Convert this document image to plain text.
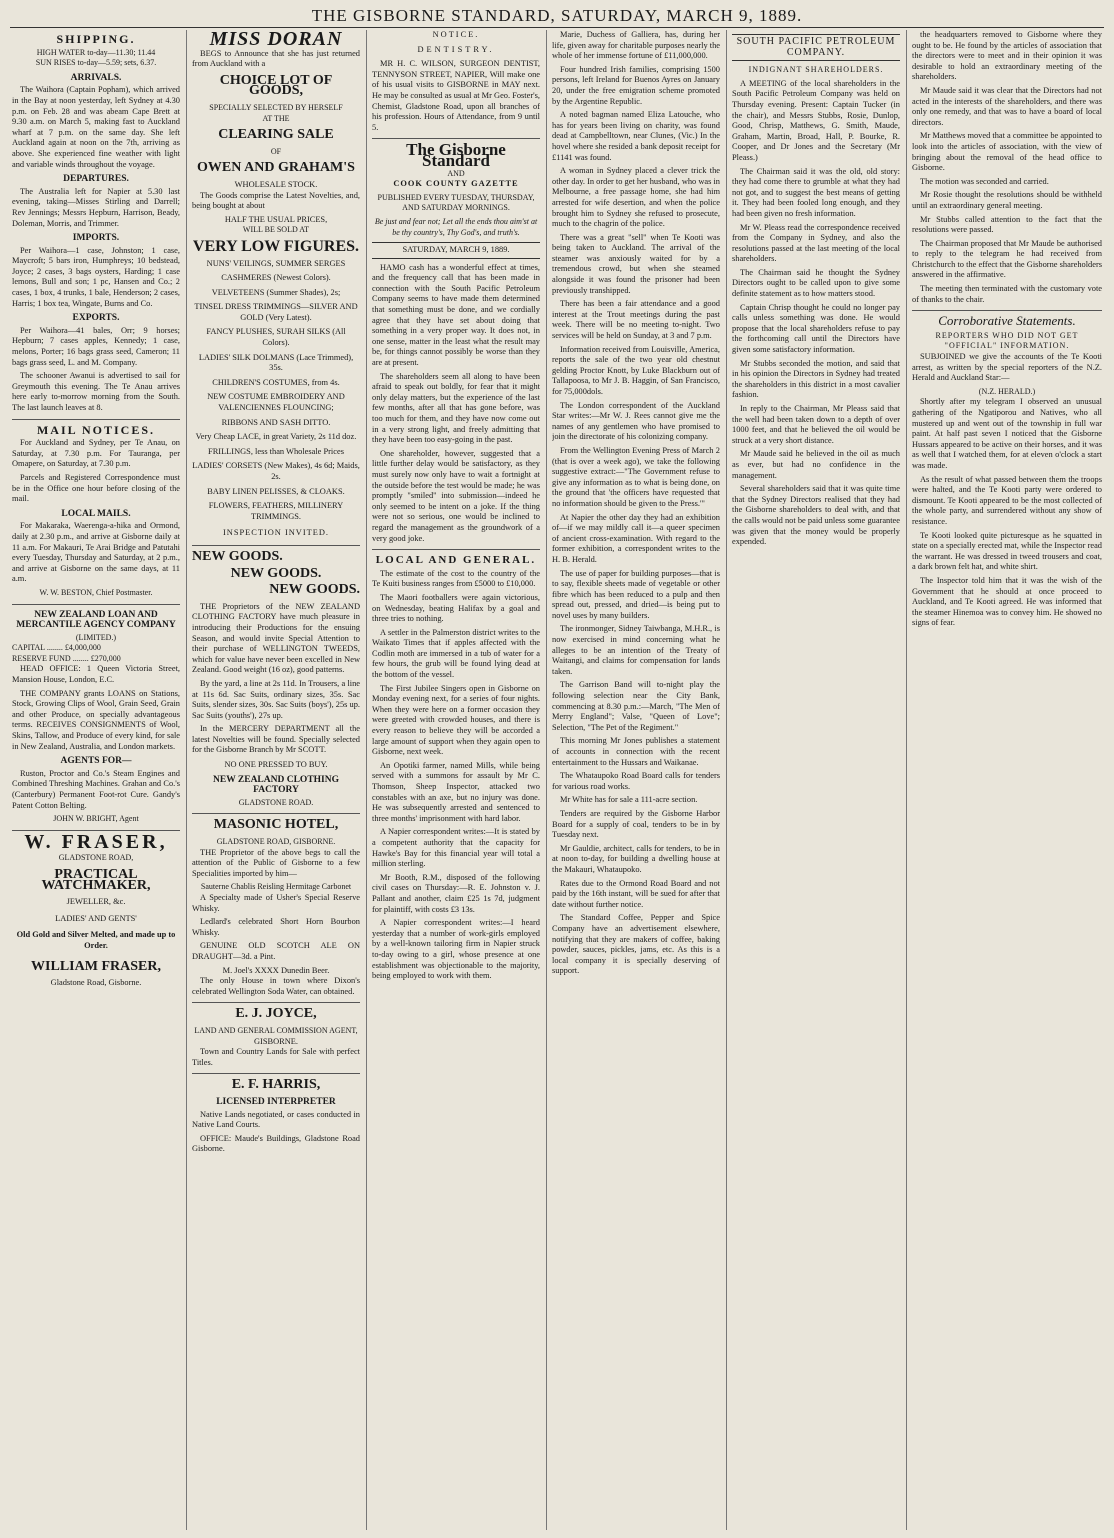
THE GISBORNE STANDARD, SATURDAY, MARCH 9, 1889.
SHIPPING.
HIGH WATER to-day—11.30; 11.44
SUN RISES to-day—5.59; sets, 6.37.
ARRIVALS.

The Waihora (Captain Popham), which arrived in the Bay at noon yesterday, left Sydney at 4.30 p.m. on Feb. 28 and was abeam Cape Brett at 9.30 a.m. on March 5, making fast to Auckland wharf at 7 p.m. on the same day. She left Auckland again at noon on the 7th, arriving as above. She experienced fine weather with light and variable winds throughout the voyage.

DEPARTURES.

The Australia left for Napier at 5.30 last evening, taking—Misses Stirling and Darrell; Rev Jennings; Messrs Hepburn, Harrison, Beady, Doleman, Morris, and Trimmer.

IMPORTS.

Per Waihora—1 case, Johnston; 1 case, Maycroft; 5 bars iron, Humphreys; 10 bedstead, Joyce; 2 cases, 3 bags oysters, Harding; 1 case lemons, Bull and son; 1 pc, Hansen and Co.; 2 cases, 1 box, 4 trunks, 1 bale, Henderson; 2 cases, Harris; 1 box tea, Wingate, Burns and Co.

EXPORTS.

Per Waihora—41 bales, Orr; 9 horses; Hepburn; 7 cases apples, Kennedy; 1 case, melons, Porter; 16 bags grass seed, Cameron; 11 bags grass seed, L. and M. Company.

The schooner Awanui is advertised to sail for Greymouth this evening. The Te Anau arrives here early to-morrow morning from the South. The last launch leaves at 8.

MAIL NOTICES.

For Auckland and Sydney, per Te Anau, on Saturday, at 7.30 p.m. For Tauranga, per Omapere, on Saturday, at 7.30 p.m.

Parcels and Registered Correspondence must be in the Office one hour before closing of the mail.

LOCAL MAILS.

For Makaraka, Waerenga-a-hika and Ormond, daily at 2.30 p.m., and arrive at Gisborne daily at 11 a.m. For Makauri, Te Arai Bridge and Patutahi every Tuesday, Thursday and Saturday, at 2 p.m., and arrive at Gisborne on the same days, at 11 a.m.

W. W. BESTON, Chief Postmaster.
NEW ZEALAND LOAN AND MERCANTILE AGENCY COMPANY
(LIMITED.)
CAPITAL ........ £4,000,000
RESERVE FUND ........ £270,000

HEAD OFFICE: 1 Queen Victoria Street, Mansion House, London, E.C.

THE COMPANY grants LOANS on Stations, Stock, Growing Clips of Wool, Grain Seed, Grain and other Produce, on specially advantageous terms. RECEIVES CONSIGNMENTS of Wool, Skins, Tallow, and Produce of every kind, for sale in New Zealand, Australia, and London markets.

AGENTS FOR—

Ruston, Proctor and Co.'s Steam Engines and Combined Threshing Machines. Grahan and Co.'s (Canterbury) Permanent Foot-rot Cure. Gandy's Patent Cotton Belting.

JOHN W. BRIGHT, Agent
W. FRASER,
GLADSTONE ROAD,
PRACTICAL WATCHMAKER,
JEWELLER, &c.
LADIES' AND GENTS'
Old Gold and Silver Melted, and made up to Order.
WILLIAM FRASER,
Gladstone Road, Gisborne.
MISS DORAN

BEGS to Announce that she has just returned from Auckland with a

CHOICE LOT OF GOODS,
SPECIALLY SELECTED BY HERSELF
AT THE
CLEARING SALE
OF
OWEN AND GRAHAM'S
WHOLESALE STOCK.

The Goods comprise the Latest Novelties, and, being bought at about

HALF THE USUAL PRICES,
WILL BE SOLD AT
VERY LOW FIGURES.
NUNS' VEILINGS, SUMMER SERGES
CASHMERES (Newest Colors).
VELVETEENS (Summer Shades), 2s;
TINSEL DRESS TRIMMINGS—SILVER AND GOLD (Very Latest).
FANCY PLUSHES, SURAH SILKS (All Colors).
LADIES' SILK DOLMANS (Lace Trimmed), 35s.
CHILDREN'S COSTUMES, from 4s.
NEW COSTUME EMBROIDERY AND VALENCIENNES FLOUNCING;
RIBBONS AND SASH DITTO.
Very Cheap LACE, in great Variety, 2s 11d doz.
FRILLINGS, less than Wholesale Prices
LADIES' CORSETS (New Makes), 4s 6d; Maids, 2s.
BABY LINEN PELISSES, & CLOAKS.
FLOWERS, FEATHERS, MILLINERY TRIMMINGS.
INSPECTION INVITED.
NEW GOODS.
NEW GOODS.
NEW GOODS.

THE Proprietors of the NEW ZEALAND CLOTHING FACTORY have much pleasure in introducing their Productions for the ensuing Season, and would invite Special Attention to their purchase of WELLINGTON TWEEDS, which for value have never been excelled in New Zealand. Good weight (16 oz), good patterns.

By the yard, a line at 2s 11d. In Trousers, a line at 11s 6d. Sac Suits, ordinary sizes, 35s. Sac Suits, slender sizes, 30s. Sac Suits (boys'), 25s up. Sac Suits (youths'), 27s up.

In the MERCERY DEPARTMENT all the latest Novelties will be found. Specially selected for the Gisborne Branch by Mr SCOTT.

NO ONE PRESSED TO BUY.
NEW ZEALAND CLOTHING FACTORY
GLADSTONE ROAD.
MASONIC HOTEL,
GLADSTONE ROAD, GISBORNE.

THE Proprietor of the above begs to call the attention of the Public of Gisborne to a few Specialities imported by him—

Sauterne Chablis Reisling Hermitage Carbonet

A Specialty made of Usher's Special Reserve Whisky.

Ledlard's celebrated Short Horn Bourbon Whisky.

GENUINE OLD SCOTCH ALE ON DRAUGHT—3d. a Pint.

M. Joel's XXXX Dunedin Beer.

The only House in town where Dixon's celebrated Wellington Soda Water, can obtained.

E. J. JOYCE,
LAND AND GENERAL COMMISSION AGENT,
GISBORNE.

Town and Country Lands for Sale with perfect Titles.

E. F. HARRIS,
LICENSED INTERPRETER

Native Lands negotiated, or cases conducted in Native Land Courts.

OFFICE: Maude's Buildings, Gladstone Road Gisborne.

NOTICE.
DENTISTRY.

MR H. C. WILSON, SURGEON DENTIST, TENNYSON STREET, NAPIER, Will make one of his usual visits to GISBORNE in MAY next. He may be consulted as usual at Mr Geo. Foster's, Chemist, Gladstone Road, upon all branches of his profession. Hours of Attendance, from 9 until 5.

The Gisborne Standard
AND
COOK COUNTY GAZETTE
PUBLISHED EVERY TUESDAY, THURSDAY, AND SATURDAY MORNINGS.
Be just and fear not; Let all the ends thou aim'st at be thy country's, Thy God's, and truth's.
SATURDAY, MARCH 9, 1889.

HAMO cash has a wonderful effect at times, and the frequency call that has been made in connection with the South Pacific Petroleum Company seems to have made them determined that something must be done, and we cordially agree that they have set about doing that something in a very proper way. It does not, in one sense, matter in the least what the result may be, for things cannot possibly be worse than they are at present.

The shareholders seem all along to have been afraid to speak out boldly, for fear that it might only delay matters, but the experience of the last few months, after all that has gone before, was too much for them, and they have now come out in a very strong light, and freely admitting that they have been too easy-going in the past.

One shareholder, however, suggested that a little further delay would be satisfactory, as they must surely now only have to wait a fortnight at the outside before the test would be made; he was promptly "smiled" into submission—indeed he only seemed to be intent on a joke. If the thing were not so serious, one would be inclined to regard the management as the groundwork of a very good joke.

LOCAL AND GENERAL.

The estimate of the cost to the country of the Te Kuiti business ranges from £5000 to £10,000.

The Maori footballers were again victorious, on Wednesday, beating Halifax by a goal and three tries to nothing.

A settler in the Palmerston district writes to the Waikato Times that if apples affected with the Codlin moth are immersed in a tub of water for a few hours, the grub will be found lying dead at the bottom of the vessel.

The First Jubilee Singers open in Gisborne on Monday evening next, for a series of four nights. When they were here on a former occasion they were greeted with crowded houses, and there is every reason to believe they will be accorded a large amount of support when they again open to Gisborne, next week.

An Opotiki farmer, named Mills, while being served with a summons for assault by Mr C. Thomson, Sheep Inspector, attacked two constables with an axe, but no injury was done. He was subsequently arrested and sentenced to three months' imprisonment with hard labor.

A Napier correspondent writes:—It is stated by a competent authority that the capacity for Hawke's Bay for this financial year will total a million sterling.

Mr Booth, R.M., disposed of the following civil cases on Thursday:—R. E. Johnston v. J. Pallant and another, claim £25 1s 7d, judgment for plaintiff, with costs £3 13s.

A Napier correspondent writes:—I heard yesterday that a number of work-girls employed by a well-known tailoring firm in Napier struck to-day owing to a girl, whose presence at one establishment was objectionable to the majority, being employed to work with them.

Marie, Duchess of Galliera, has, during her life, given away for charitable purposes nearly the whole of her immense fortune of £11,000,000.

Four hundred Irish families, comprising 1500 persons, left Ireland for Buenos Ayres on January 20, under the free emigration scheme promoted by the Argentine Republic.

A noted bagman named Eliza Latouche, who has for years been living on charity, was found dead at Campbelltown, near Clunes, (Vic.) In the hovel where she resided a bank deposit receipt for £1141 was found.

A woman in Sydney placed a clever trick the other day. In order to get her husband, who was in Melbourne, a free passage home, she had him arrested for wife desertion, and when the police brought him to Sydney she refused to prosecute, much to the chagrin of the police.

There was a great "sell" when Te Kooti was being taken to Auckland. The arrival of the steamer was anxiously waited for by a tremendous crowd, but when she steamed alongside it was found the prisoner had been previously transhipped.

There has been a fair attendance and a good interest at the Trout meetings during the past week. There will be no meeting to-night. Two services will be held on Sunday, at 3 and 7 p.m.

Information received from Louisville, America, reports the sale of the two year old chestnut gelding Proctor Knott, by Luke Blackburn out of Tallapoosa, to Mr J. B. Haggin, of San Francisco, for 75,000dols.

The London correspondent of the Auckland Star writes:—Mr W. J. Rees cannot give me the names of any gentlemen who have promised to join the directorate of his colonizing company.

From the Wellington Evening Press of March 2 (that is over a week ago), we take the following suggestive extract:—"The Government refuse to give any information as to what is being done, on the ground that 'the officers have requested that no information should be given to the Press.'"

At Napier the other day they had an exhibition of—if we may mildly call it—a queer specimen of ancient cross-examination. With regard to the former exhibition, a correspondent writes to the H. B. Herald.

The use of paper for building purposes—that is to say, flexible sheets made of vegetable or other fibre which has been reduced to a pulp and then spread out, pressed, and dried—is being put to novel uses by many builders.

The ironmonger, Sidney Taiwbanga, M.H.R., is now exercised in mind concerning what he alleges to be an intention of the Treaty of Waitangi, and claims for compensation for lands taken.

The Garrison Band will to-night play the following selection near the City Bank, commencing at 8.30 p.m.:—March, "The Men of Merry England"; Valse, "Queen of Love"; Selection, "The Pet of the Regiment."

This morning Mr Jones publishes a statement of accounts in connection with the recent entertainment to the Hussars and Waikanae.

The Whataupoko Road Board calls for tenders for various road works.

Mr White has for sale a 111-acre section.

Tenders are required by the Gisborne Harbor Board for a supply of coal, tenders to be in by Tuesday next.

Mr Gauldie, architect, calls for tenders, to be in at noon to-day, for building a dwelling house at the Makauri, Whataupoko.

Rates due to the Ormond Road Board and not paid by the 16th instant, will be sued for after that date without further notice.

The Standard Coffee, Pepper and Spice Company have an advertisement elsewhere, notifying that they are makers of coffee, baking powder, sauces, pickles, jams, etc. As this is a local company it is specially deserving of support.

SOUTH PACIFIC PETROLEUM COMPANY.
INDIGNANT SHAREHOLDERS.

A MEETING of the local shareholders in the South Pacific Petroleum Company was held on Thursday evening. Present: Captain Tucker (in the chair), and Messrs Stubbs, Rosie, Dunlop, Good, Chrisp, Matthews, G. Smith, Maude, Graham, Martin, Broad, Hall, P. Bourke, R. Cooper, and Dr Jones and the Secretary (Mr Pleass.)

The Chairman said it was the old, old story: they had come there to grumble at what they had not got, and to suggest the best means of getting it. They had been fooled long enough, and they had been given no fresh information.

Mr W. Pleass read the correspondence received from the Company in Sydney, and also the resolutions passed at the last meeting of the local shareholders.

The Chairman said he thought the Sydney Directors ought to be called upon to give some definite statement as to how matters stood.

Captain Chrisp thought he could no longer pay calls unless something was done. He would propose that the local shareholders refuse to pay the forthcoming call until the Directors have given some satisfactory information.

Mr Stubbs seconded the motion, and said that in his opinion the Directors in Sydney had treated the shareholders in this district in a most cavalier fashion.

In reply to the Chairman, Mr Pleass said that the well had been taken down to a depth of over 1000 feet, and that he believed the oil would be struck at a very short distance.

Mr Maude said he believed in the oil as much as ever, but had no confidence in the management.

Several shareholders said that it was quite time that the Sydney Directors realised that they had the Gisborne shareholders to deal with, and that the calls would not be paid unless some guarantee was given that the money would be properly expended.

the headquarters removed to Gisborne where they ought to be. He found by the articles of association that the directors were to meet and in their opinion it was desirable to hold an extraordinary meeting of the shareholders.

Mr Maude said it was clear that the Directors had not acted in the interests of the shareholders, and there was only one remedy, and that was to have a board of local directors.

Mr Matthews moved that a committee be appointed to look into the articles of association, with the view of bringing about the removal of the head office to Gisborne.

The motion was seconded and carried.

Mr Rosie thought the resolutions should be withheld until an extraordinary general meeting.

Mr Stubbs called attention to the fact that the resolutions were passed.

The Chairman proposed that Mr Maude be authorised to reply to the telegram he had received from Christchurch to the effect that the Gisborne shareholders answered in the affirmative.

The meeting then terminated with the customary vote of thanks to the chair.

Corroborative Statements.
REPORTERS WHO DID NOT GET "OFFICIAL" INFORMATION.

SUBJOINED we give the accounts of the Te Kooti arrest, as written by the special reporters of the N.Z. Herald and Auckland Star:—

(N.Z. HERALD.)

Shortly after my telegram I observed an unusual gathering of the Ngatiporou and Natives, who all mustered up and went out of the township in full war paint. At half past seven I noticed that the Gisborne Hussars appeared to be active on their horses, and it was as well that I watched them, for at eleven o'clock a start was made.

As the result of what passed between them the troops were halted, and the Te Kooti party were ordered to dismount. Te Kooti appeared to be the most collected of the whole party, and surrendered without any show of resistance.

Te Kooti looked quite picturesque as he squatted in state on a specially erected mat, while the Inspector read the warrant. He was dressed in tweed trousers and coat, a dark brown felt hat, and white shirt.

The Inspector told him that it was the wish of the Government that he should at once proceed to Auckland, and Te Kooti agreed. He was informed that the steamer Hinemoa was to convey him. He showed no signs of fear.
